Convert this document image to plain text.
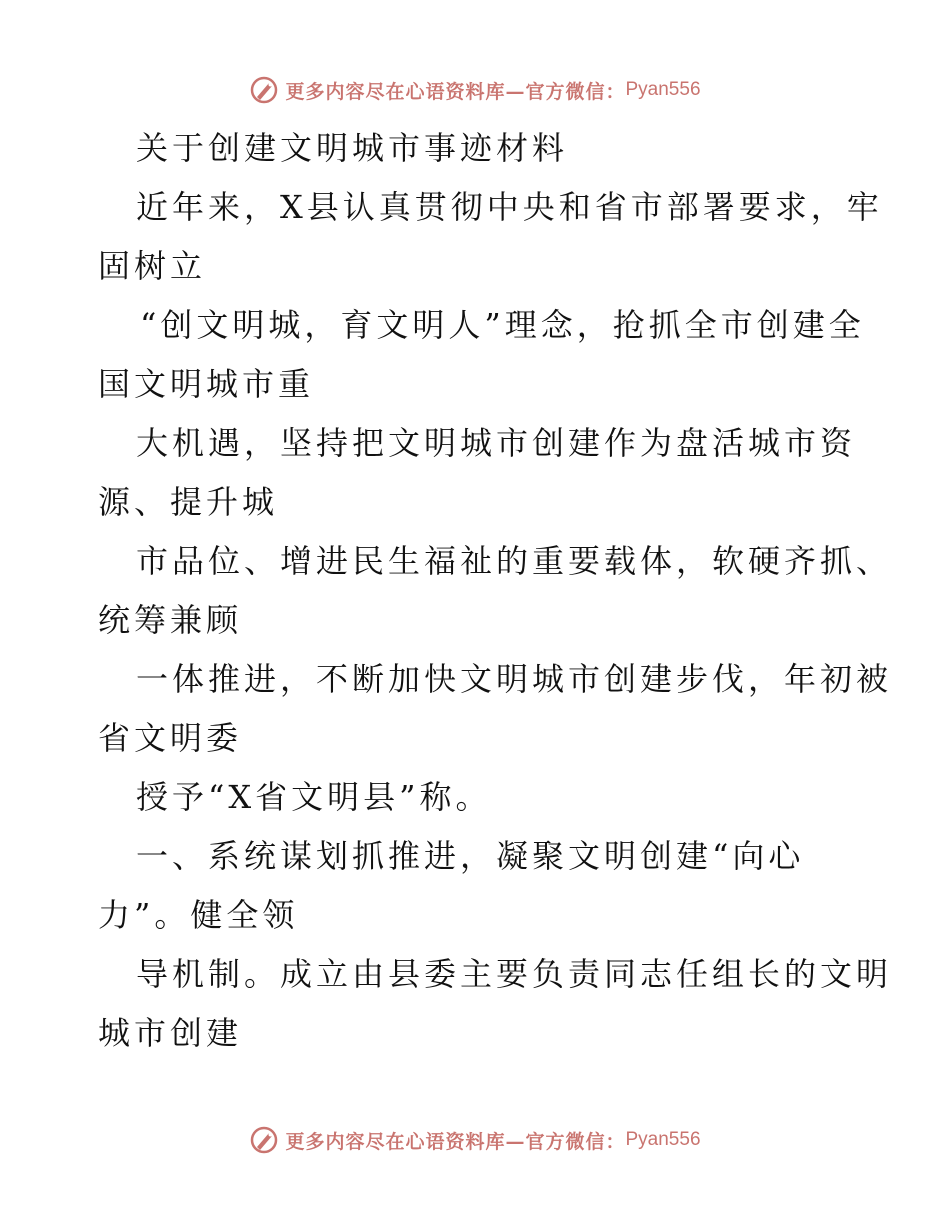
更多内容尽在心语资料库—官方微信： Pyan556
关于创建文明城市事迹材料
近年来，X县认真贯彻中央和省市部署要求，牢
固树立
“创文明城，育文明人”理念，抢抓全市创建全
国文明城市重
大机遇，坚持把文明城市创建作为盘活城市资
源、提升城
市品位、增进民生福祉的重要载体，软硬齐抓、
统筹兼顾
一体推进，不断加快文明城市创建步伐，年初被
省文明委
授予“X省文明县”称。
一、系统谋划抓推进，凝聚文明创建“向心
力”。健全领
导机制。成立由县委主要负责同志任组长的文明
城市创建
更多内容尽在心语资料库—官方微信： Pyan556
